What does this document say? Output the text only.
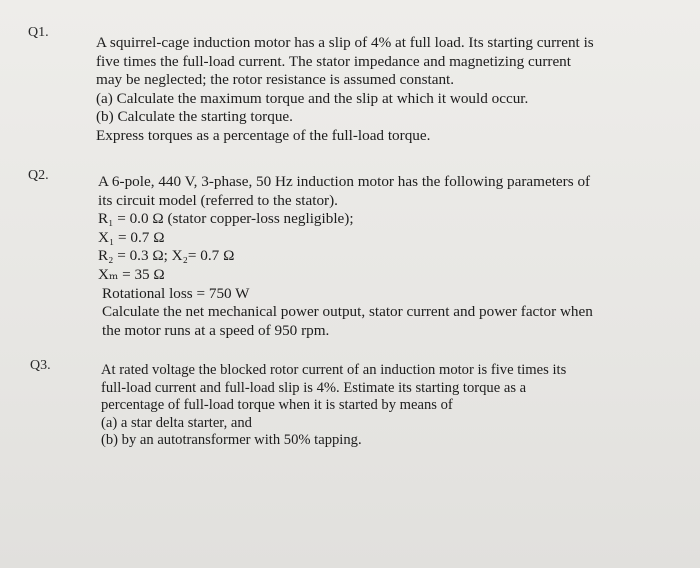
Q1.
A squirrel-cage induction motor has a slip of 4% at full load. Its starting current is
five times the full-load current. The stator impedance and magnetizing current
may be neglected; the rotor resistance is assumed constant.
(a) Calculate the maximum torque and the slip at which it would occur.
(b) Calculate the starting torque.
Express torques as a percentage of the full-load torque.
Q2.	A 6-pole, 440 V, 3-phase, 50 Hz induction motor has the following parameters of
its circuit model (referred to the stator).
R₁ = 0.0 Ω (stator copper-loss negligible);
X₁ = 0.7 Ω
R₂ = 0.3 Ω; X₂= 0.7 Ω
Xₘ = 35 Ω
Rotational loss = 750 W
Calculate the net mechanical power output, stator current and power factor when
the motor runs at a speed of 950 rpm.
Q3.	At rated voltage the blocked rotor current of an induction motor is five times its
full-load current and full-load slip is 4%. Estimate its starting torque as a
percentage of full-load torque when it is started by means of
(a) a star delta starter, and
(b) by an autotransformer with 50% tapping.
